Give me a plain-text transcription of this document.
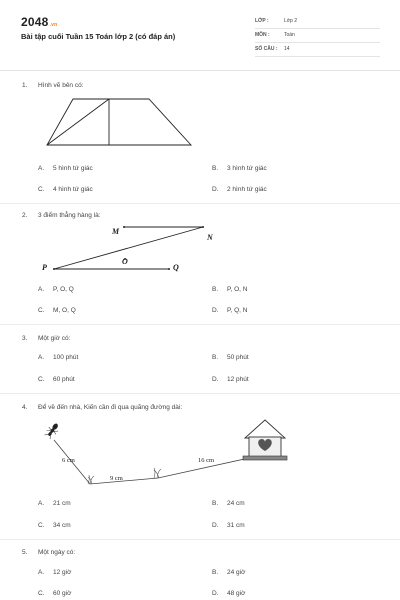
2048.vn
Bài tập cuối Tuần 15 Toán lớp 2 (có đáp án)
LỚP :	Lớp 2
MÔN :	Toán
SỐ CÂU : 14
1. Hình vẽ bên có:
A. 5 hình tứ giác	B. 3 hình tứ giác
C. 4 hình tứ giác	D. 2 hình tứ giác
2. 3 điểm thẳng hàng là:
M
N
O
P	Q
A. P, O, Q	B. P, O, N
C. M, O, Q	D. P, Q, N
3. Một giờ có:
A. 100 phút	B. 50 phút
C. 60 phút	D. 12 phút
4. Để về đến nhà, Kiến cần đi qua quãng đường dài:
6 cm
9 cm
16 cm
A. 21 cm	B. 24 cm
C. 34 cm	D. 31 cm
5. Một ngày có:
A. 12 giờ	B. 24 giờ
C. 60 giờ	D. 48 giờ
